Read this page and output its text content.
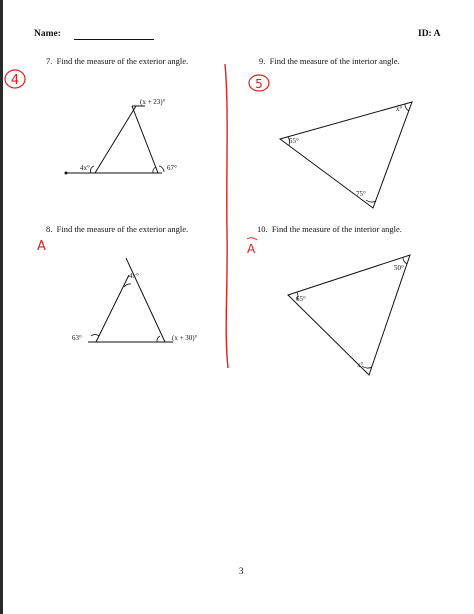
Name:	ID: A
7. Find the measure of the exterior angle.	9. Find the measure of the interior angle.
8. Find the measure of the exterior angle.	10. Find the measure of the interior angle.
3
4	5
A	A
(x + 23)°
4x°	67°
55°
x°
75°
4x°
63°	(x + 30)°
65°
50°
x°
